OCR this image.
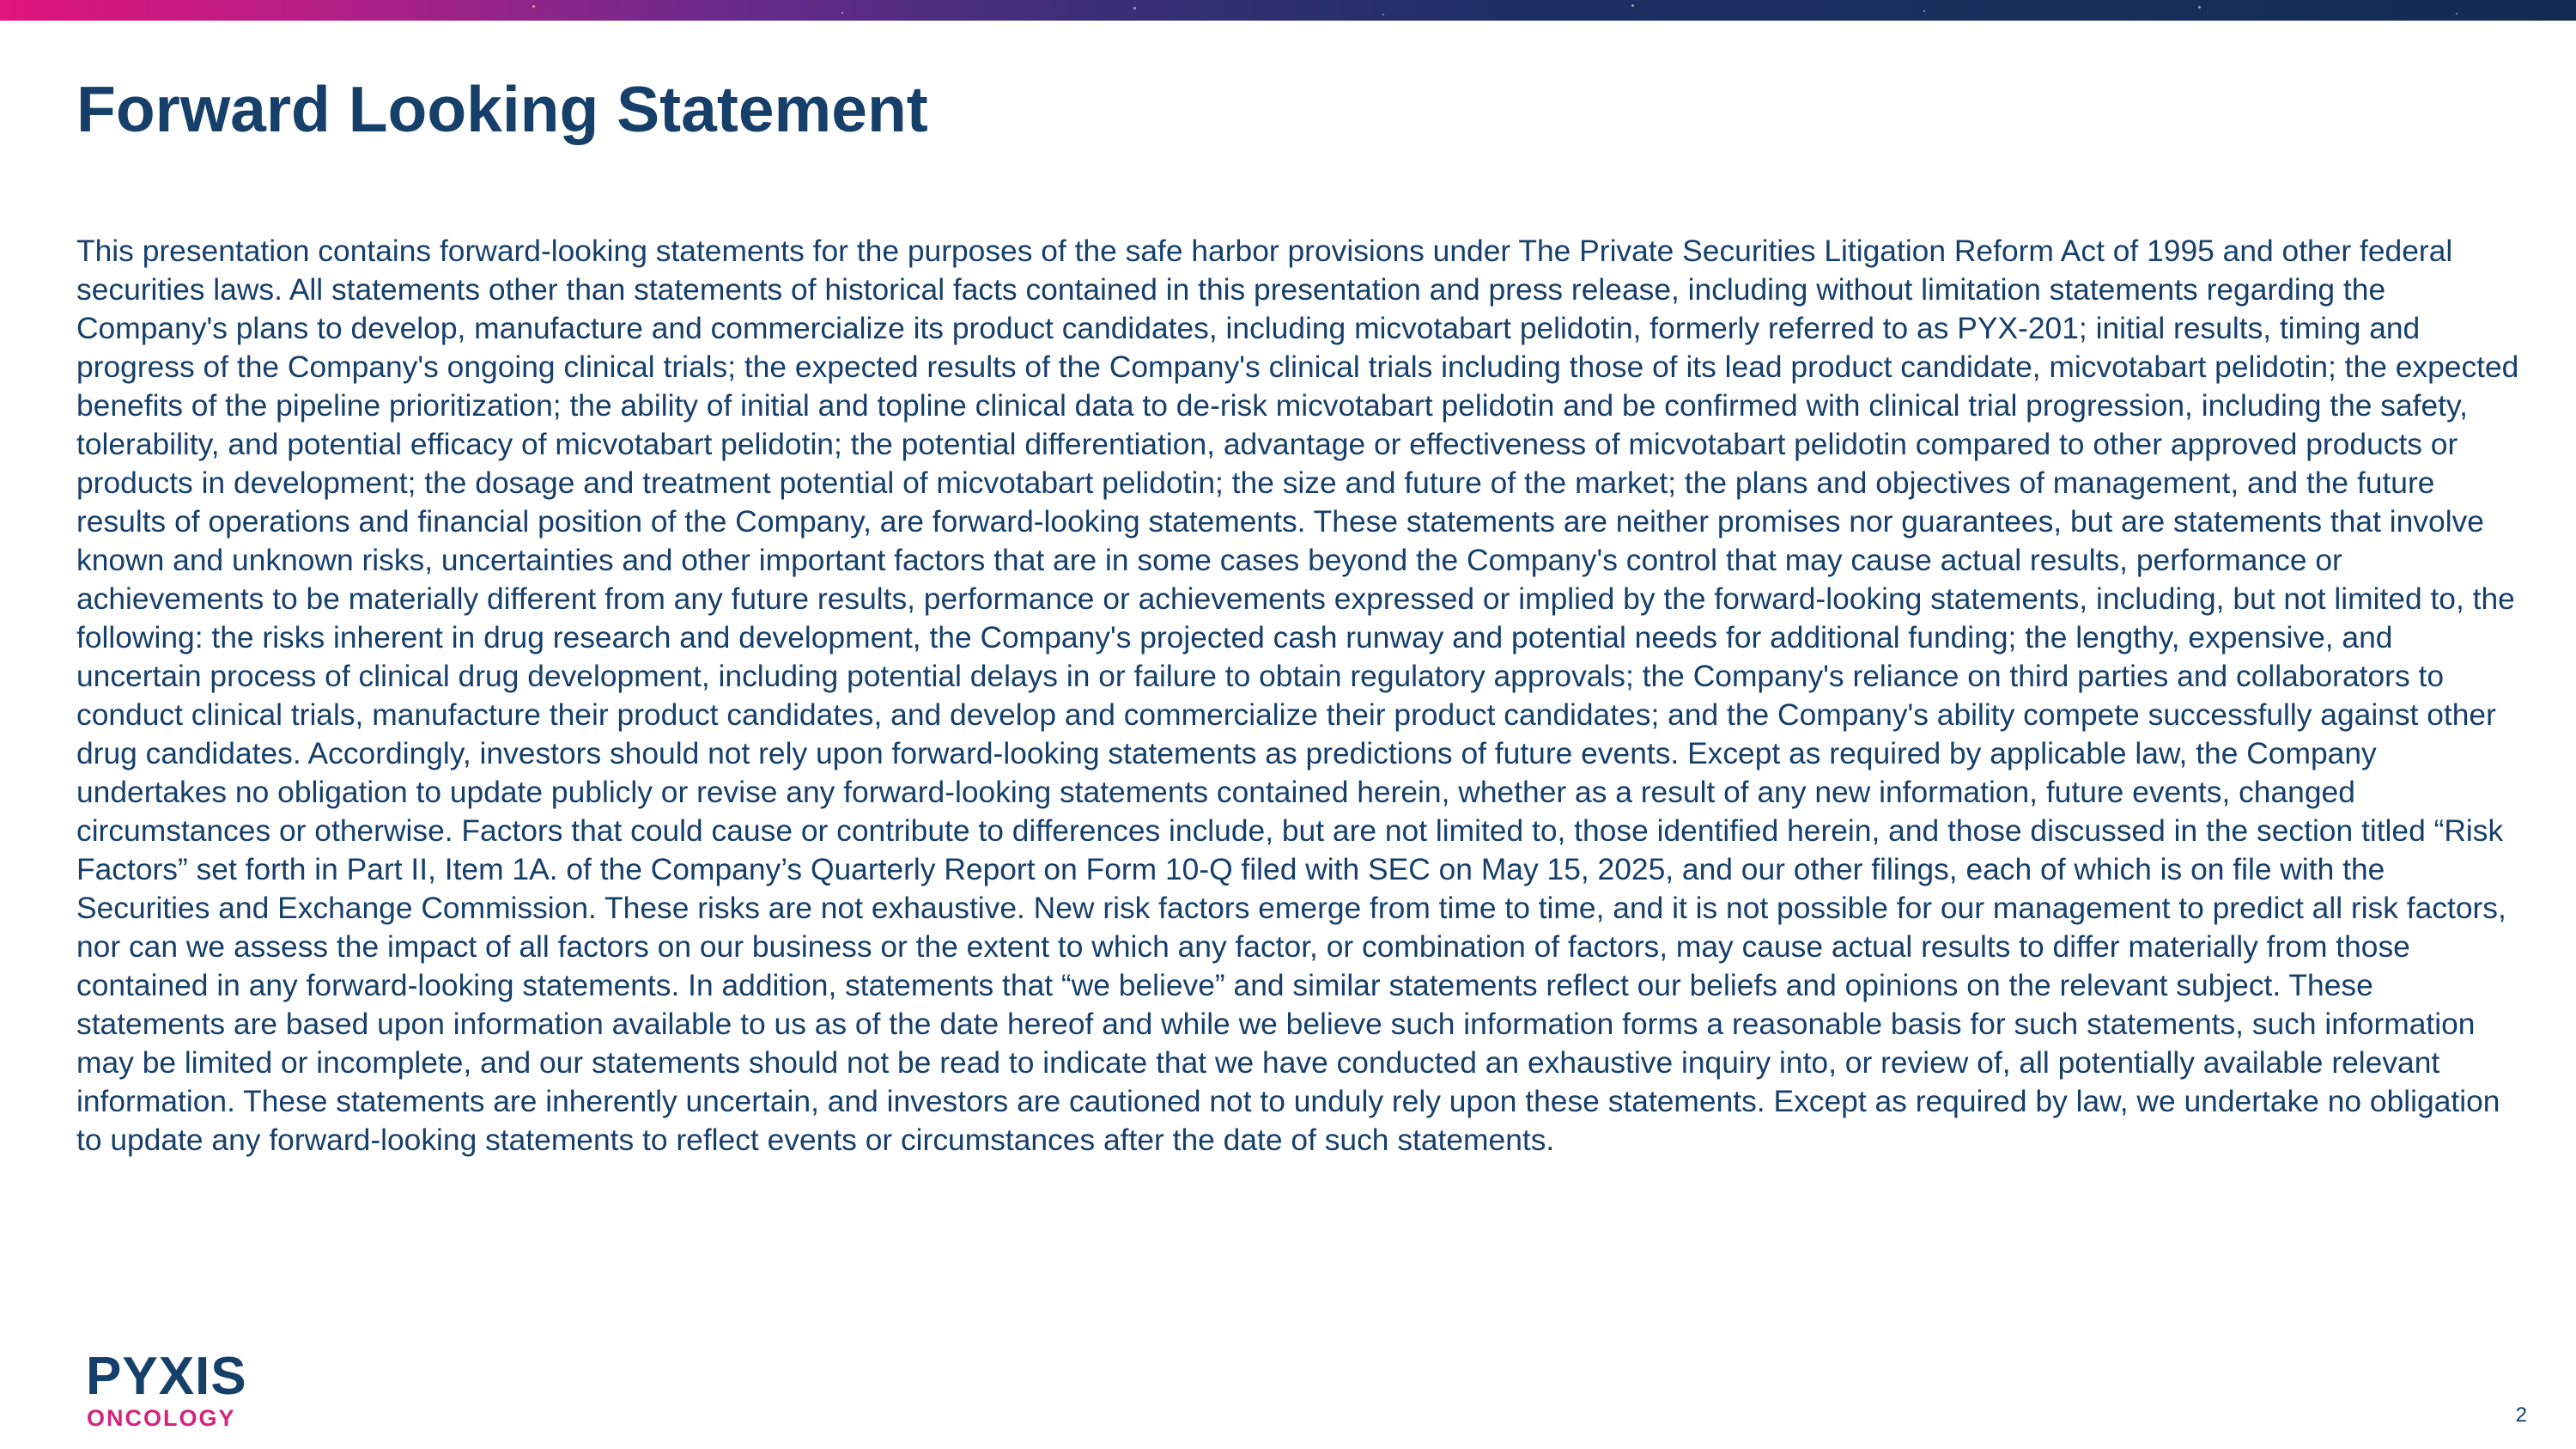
Forward Looking Statement

This presentation contains forward-looking statements for the purposes of the safe harbor provisions under The Private Securities Litigation Reform Act of 1995 and other federal securities laws. All statements other than statements of historical facts contained in this presentation and press release, including without limitation statements regarding the Company's plans to develop, manufacture and commercialize its product candidates, including micvotabart pelidotin, formerly referred to as PYX-201; initial results, timing and progress of the Company's ongoing clinical trials; the expected results of the Company's clinical trials including those of its lead product candidate, micvotabart pelidotin; the expected benefits of the pipeline prioritization; the ability of initial and topline clinical data to de-risk micvotabart pelidotin and be confirmed with clinical trial progression, including the safety, tolerability, and potential efficacy of micvotabart pelidotin; the potential differentiation, advantage or effectiveness of micvotabart pelidotin compared to other approved products or products in development; the dosage and treatment potential of micvotabart pelidotin; the size and future of the market; the plans and objectives of management, and the future results of operations and financial position of the Company, are forward-looking statements. These statements are neither promises nor guarantees, but are statements that involve known and unknown risks, uncertainties and other important factors that are in some cases beyond the Company's control that may cause actual results, performance or achievements to be materially different from any future results, performance or achievements expressed or implied by the forward-looking statements, including, but not limited to, the following: the risks inherent in drug research and development, the Company's projected cash runway and potential needs for additional funding; the lengthy, expensive, and uncertain process of clinical drug development, including potential delays in or failure to obtain regulatory approvals; the Company's reliance on third parties and collaborators to conduct clinical trials, manufacture their product candidates, and develop and commercialize their product candidates; and the Company's ability compete successfully against other drug candidates. Accordingly, investors should not rely upon forward-looking statements as predictions of future events. Except as required by applicable law, the Company undertakes no obligation to update publicly or revise any forward-looking statements contained herein, whether as a result of any new information, future events, changed circumstances or otherwise. Factors that could cause or contribute to differences include, but are not limited to, those identified herein, and those discussed in the section titled “Risk Factors” set forth in Part II, Item 1A. of the Company’s Quarterly Report on Form 10-Q filed with SEC on May 15, 2025, and our other filings, each of which is on file with the Securities and Exchange Commission. These risks are not exhaustive. New risk factors emerge from time to time, and it is not possible for our management to predict all risk factors, nor can we assess the impact of all factors on our business or the extent to which any factor, or combination of factors, may cause actual results to differ materially from those contained in any forward-looking statements. In addition, statements that “we believe” and similar statements reflect our beliefs and opinions on the relevant subject. These statements are based upon information available to us as of the date hereof and while we believe such information forms a reasonable basis for such statements, such information may be limited or incomplete, and our statements should not be read to indicate that we have conducted an exhaustive inquiry into, or review of, all potentially available relevant information. These statements are inherently uncertain, and investors are cautioned not to unduly rely upon these statements. Except as required by law, we undertake no obligation to update any forward-looking statements to reflect events or circumstances after the date of such statements.

PYXIS
ONCOLOGY	2
